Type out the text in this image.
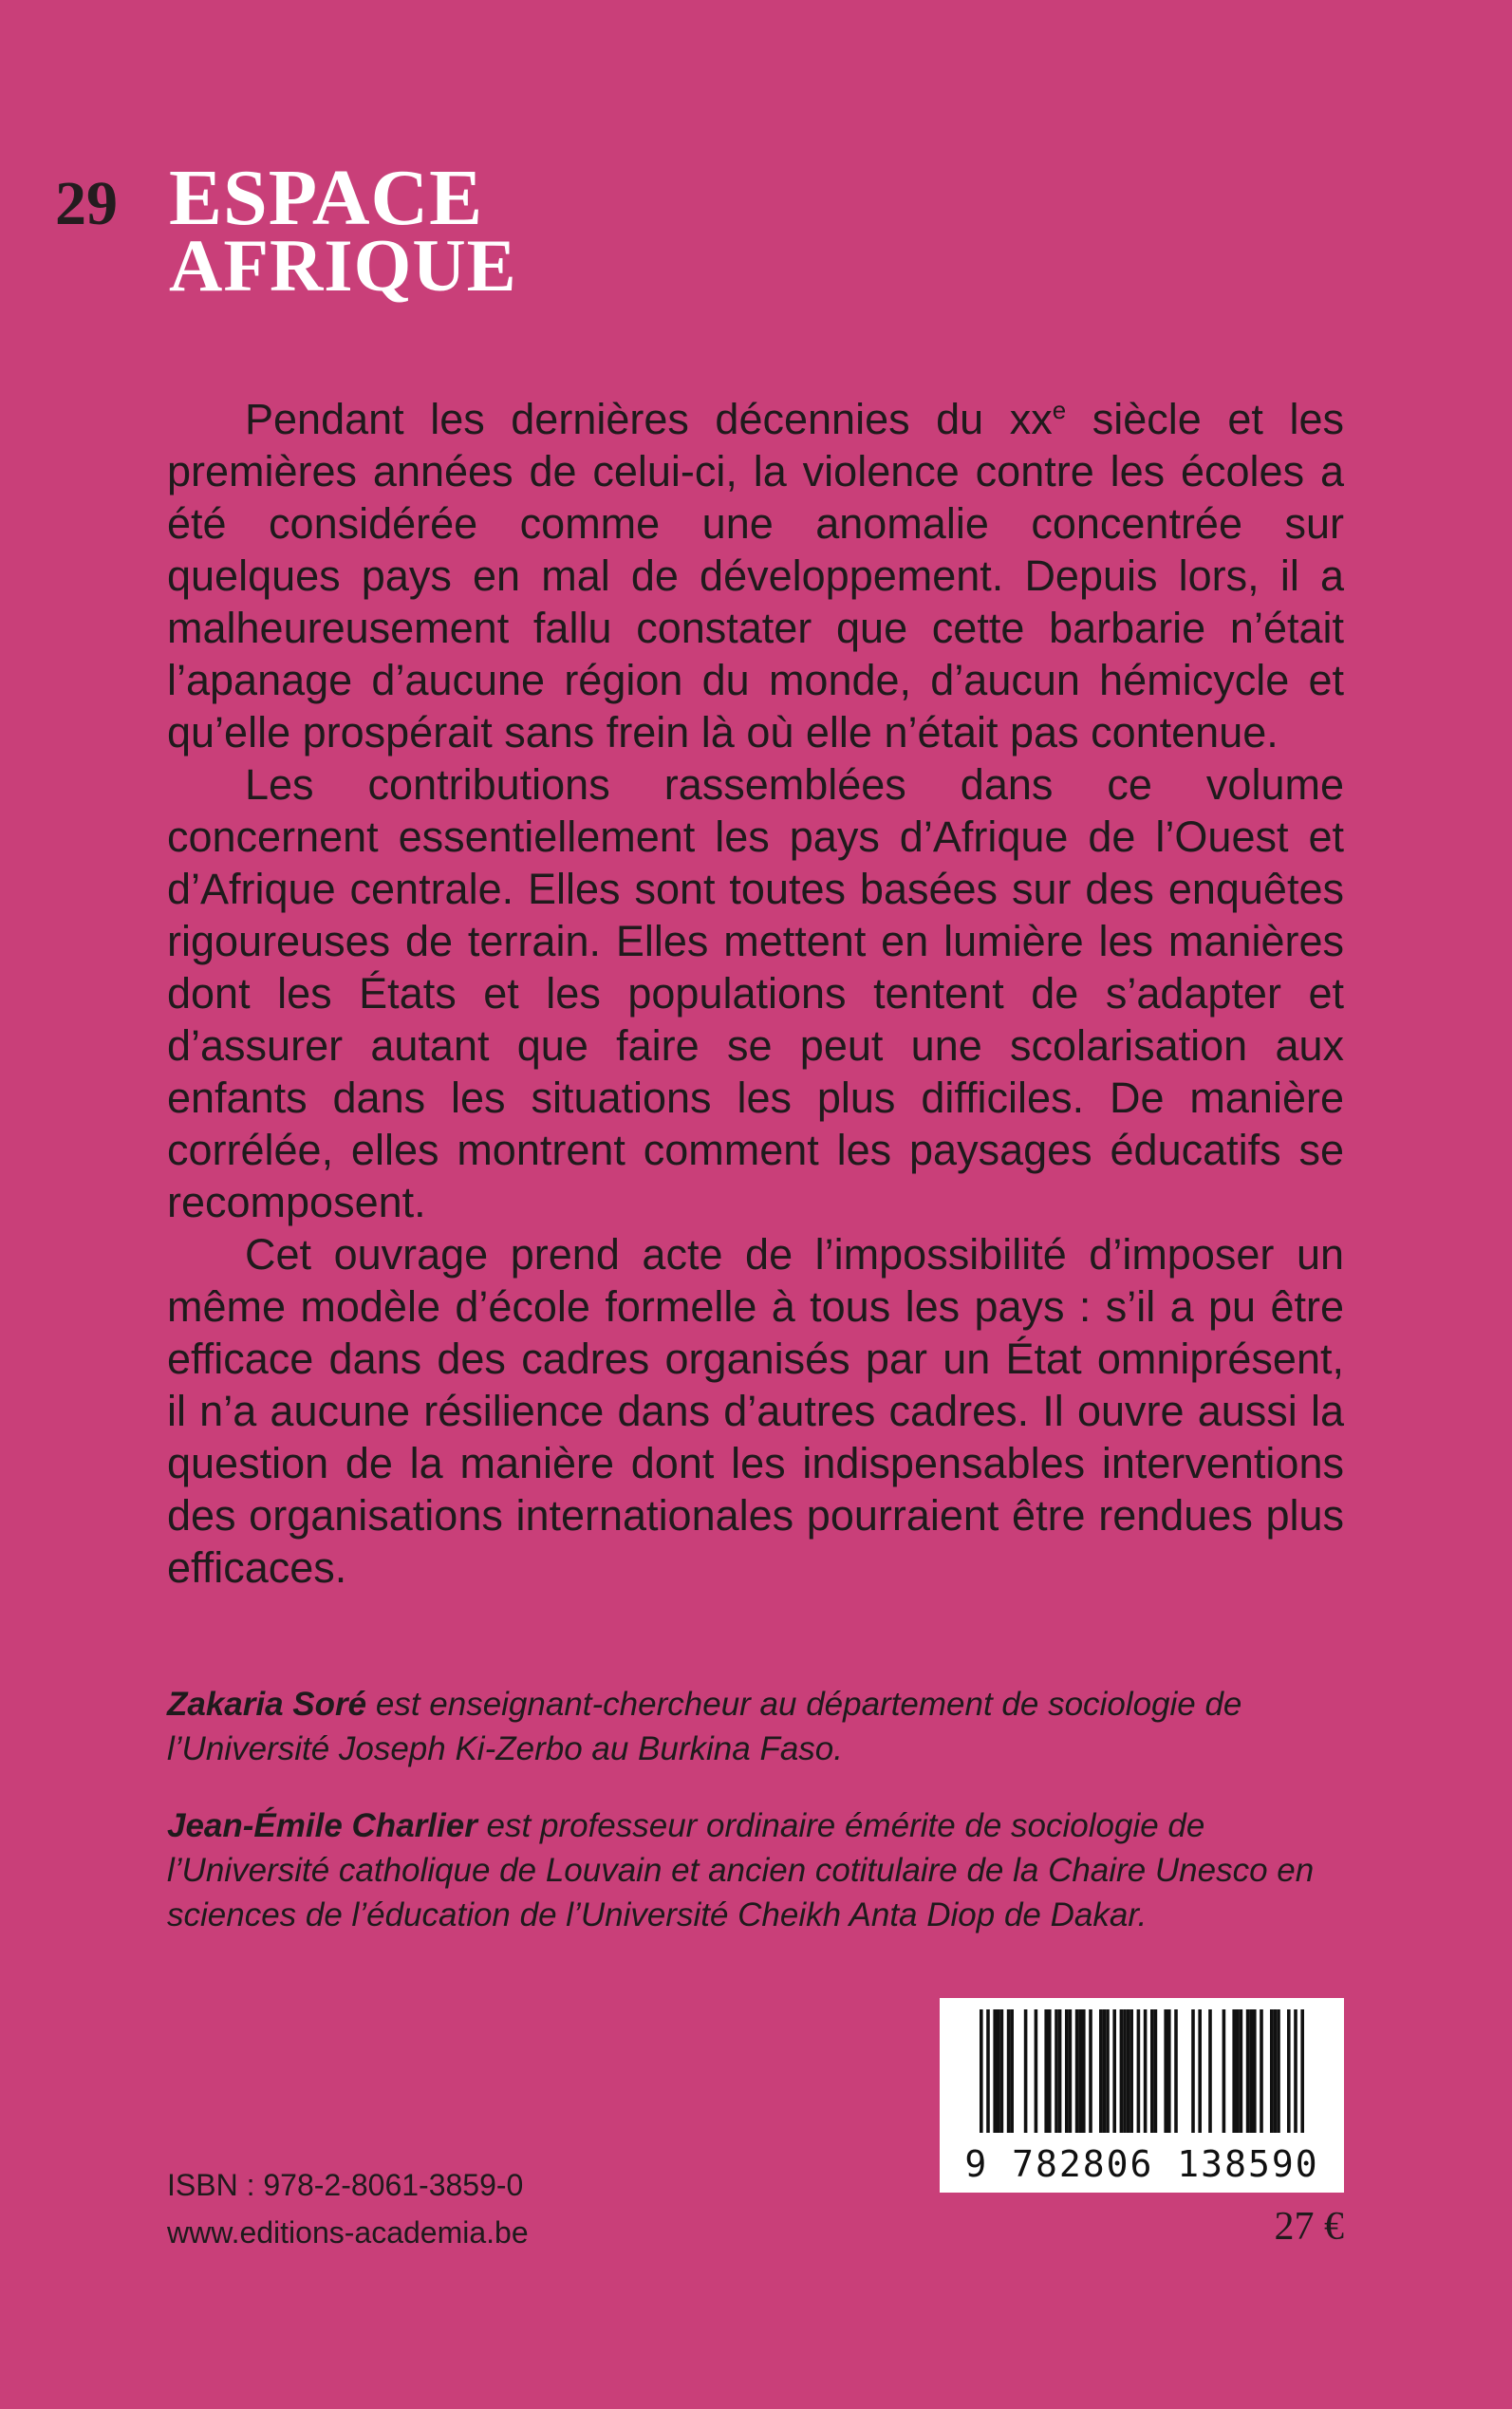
29 ESPACE
AFRIQUE

Pendant les dernières décennies du $xx^e$ siècle et les premières années de celui-ci, la violence contre les écoles a été considérée comme une anomalie concentrée sur quelques pays en mal de développement. Depuis lors, il a malheureusement fallu constater que cette barbarie n’était l’apanage d’aucune région du monde, d’aucun hémicycle et qu’elle prospérait sans frein là où elle n’était pas contenue.

Les contributions rassemblées dans ce volume concernent essentiellement les pays d’Afrique de l’Ouest et d’Afrique centrale. Elles sont toutes basées sur des enquêtes rigoureuses de terrain. Elles mettent en lumière les manières dont les États et les populations tentent de s’adapter et d’assurer autant que faire se peut une scolarisation aux enfants dans les situations les plus difficiles. De manière corrélée, elles montrent comment les paysages éducatifs se recomposent.

Cet ouvrage prend acte de l’impossibilité d’imposer un même modèle d’école formelle à tous les pays : s’il a pu être efficace dans des cadres organisés par un État omniprésent, il n’a aucune résilience dans d’autres cadres. Il ouvre aussi la question de la manière dont les indispensables interventions des organisations internationales pourraient être rendues plus efficaces.

Zakaria Soré est enseignant-chercheur au département de sociologie de l’Université Joseph Ki-Zerbo au Burkina Faso.

Jean-Émile Charlier est professeur ordinaire émérite de sociologie de l’Université catholique de Louvain et ancien cotitulaire de la Chaire Unesco en sciences de l’éducation de l’Université Cheikh Anta Diop de Dakar.

9 782806 138590
ISBN : 978-2-8061-3859-0
www.editions-academia.be	27 €
